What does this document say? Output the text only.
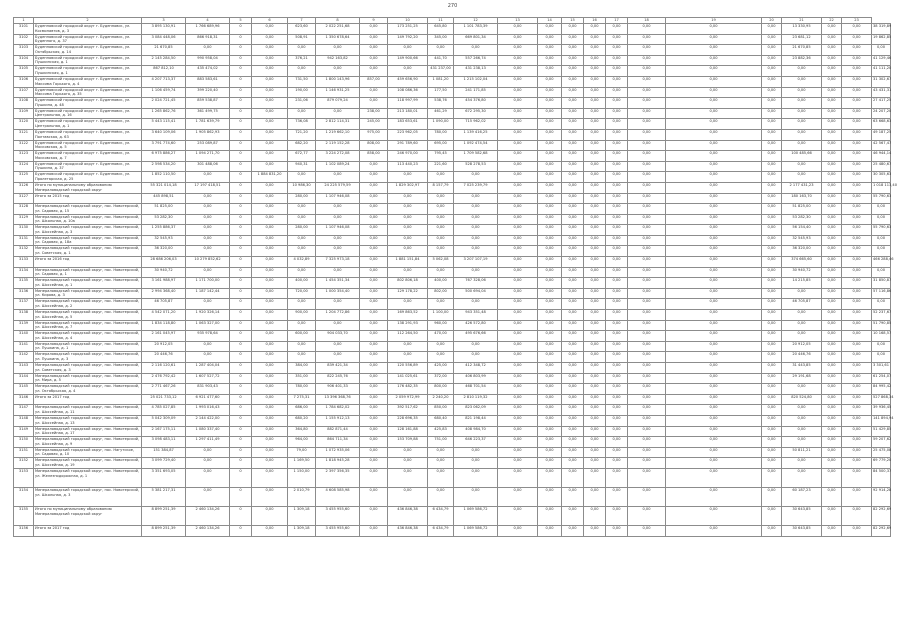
270
1	2	3	4	5	6	7	8	9	10	11	12	13	14	15	16	17	18	19	20	21	22	23	
3101	Буденновский городской округ г. Буденновск, ул. Космонавтов, д. 3	3 895 130,91	1 766 689,96	0	0,00	623,60	2 022 251,68	0,00	173 251,25	645,80	1 101 783,39	0,00	0,00	0,00	0,00	0,00	0,00	0,00	0,00	13 330,95	0,00	0,00	38 319,89
3102	Буденновский городской округ г. Буденновск, ул. Буденного, д. 37	3 084 448,06	866 918,31	0	0,00	508,91	1 350 678,64	0,00	149 792,20	345,00	669 801,34	0,00	0,00	0,00	0,00	0,00	0,00	0,00	0,00	23 681,12	0,00	0,00	19 862,85
3103	Буденновский городской округ г. Буденновск, ул. Октябрьская, д. 14	21 670,85	0,00	0	0,00	0,00	0,00	0,00	0,00	0,00	0,00	0,00	0,00	0,00	0,00	0,00	0,00	0,00	0,00	21 670,85	0,00	0,00	0,00
3104	Буденновский городской округ г. Буденновск, ул. Пушкинская, д. 1	2 145 284,50	990 958,04	0	0,00	376,21	942 163,82	0,00	149 900,66	441,70	557 266,74	0,00	0,00	0,00	0,00	0,00	0,00	0,00	0,00	23 882,36	0,00	0,00	41 129,46
3105	Буденновский городской округ г. Буденновск, ул. Пушкинская, д. 1	867 812,10	435 474,02	0	0,00	0,00	0,00	0,00	0,00	431 237,00	431 238,13	0,00	0,00	0,00	0,00	0,00	0,00	0,00	0,00	0,00	0,00	0,00	41 111,20
3106	Буденновский городской округ г. Буденновск, ул. Максима Горького, д. 4	4 207 713,37	883 583,61	0	0,00	731,50	1 800 143,96	857,00	459 656,90	1 081,20	1 215 102,04	0,00	0,00	0,00	0,00	0,00	0,00	0,00	0,00	0,00	0,00	0,00	31 302,67
3107	Буденновский городской округ г. Буденновск, ул. Максима Горького, д. 35	1 106 459,74	399 220,40	0	0,00	190,00	1 146 931,25	0,00	108 086,36	177,50	241 171,85	0,00	0,00	0,00	0,00	0,00	0,00	0,00	0,00	0,00	0,00	0,00	43 431,31
3108	Буденновский городской округ г. Буденновск, ул. Пушкина, д. 48	2 024 721,45	859 538,87	0	0,00	231,06	879 079,24	0,00	118 997,99	538,76	454 376,80	0,00	0,00	0,00	0,00	0,00	0,00	0,00	0,00	0,00	0,00	0,00	27 417,25
3109	Буденновский городской округ г. Буденновск, ул. Центральная, д. 16	1 265 862,76	361 499,75	0	0,00	0,00	0,00	238,00	213 180,01	461,29	672 295,30	0,00	0,00	0,00	0,00	0,00	0,00	0,00	0,00	0,00	0,00	0,00	24 207,20
3120	Буденновский городской округ г. Буденновск, ул. Центральная, д. 1	5 443 115,41	1 781 639,79	0	0,00	736,08	2 812 114,31	245,00	183 653,61	1 090,00	715 962,02	0,00	0,00	0,00	0,00	0,00	0,00	0,00	0,00	0,00	0,00	0,00	63 668,63
3121	Буденновский городской округ г. Буденновск, ул. Полтавская, д. 63	3 640 109,06	1 905 862,93	0	0,00	721,20	1 219 662,10	975,00	223 962,05	780,00	1 139 416,25	0,00	0,00	0,00	0,00	0,00	0,00	0,00	0,00	0,00	0,00	0,00	49 187,25
3122	Буденновский городской округ г. Буденновск, ул. Московская, д. 5	3 791 774,60	253 089,87	0	0,00	682,20	2 119 152,28	808,00	291 789,60	695,00	1 092 474,54	0,00	0,00	0,00	0,00	0,00	0,00	0,00	0,00	0,00	0,00	0,00	42 567,47
3123	Буденновский городской округ г. Буденновск, ул. Московская, д. 7	6 975 886,27	1 094 271,70	0	0,00	672,77	3 224 272,08	858,00	246 970,00	795,45	1 709 582,68	0,00	0,00	0,00	0,00	0,00	0,00	0,00	0,00	100 485,66	0,00	0,00	46 944,14
3124	Буденновский городской округ г. Буденновск, ул. Пушкина, д. 37	2 598 534,20	301 488,06	0	0,00	940,31	1 102 089,24	0,00	113 440,23	221,60	528 278,53	0,00	0,00	0,00	0,00	0,00	0,00	0,00	0,00	0,00	0,00	0,00	25 480,67
3125	Буденновский городской округ г. Буденновск, ул. Пролетарская, д. 25	1 852 110,50	0,00	0	1 884 831,20	0,00	0,00	0,00	0,00	0,00	0,00	0,00	0,00	0,00	0,00	0,00	0,00	0,00	0,00	0,00	0,00	0,00	30 305,63
3126	Итого по муниципальному образованию Минераловодский городской округ	55 321 014,18	17 197 418,51	0	0,00	10 986,30	24 225 579,59	0,00	1 829 302,97	8 157,79	7 025 239,79	0,00	0,00	0,00	0,00	0,00	0,00	0,00	0,00	2 177 431,23	0,00	0,00	1 018 113,40
3127	Итого за 2015 год	445 898,51	0,00	0	0,00	280,00	1 107 946,08	0,00	0,00	0,00	0,00	0,00	0,00	0,00	0,00	0,00	0,00	0,00	0,00	180 163,70	0,00	0,00	55 790,63
3128	Минераловодский городской округ, пос. Новотерский, ул. Садовая, д. 15	51 825,00	0,00	0	0,00	0,00	0,00	0,00	0,00	0,00	0,00	0,00	0,00	0,00	0,00	0,00	0,00	0,00	0,00	51 825,00	0,00	0,00	0,00
3129	Минераловодский городской округ, пос. Новотерский, ул. Школьная, д. 10а	53 282,30	0,00	0	0,00	0,00	0,00	0,00	0,00	0,00	0,00	0,00	0,00	0,00	0,00	0,00	0,00	0,00	0,00	53 282,30	0,00	0,00	0,00
3130	Минераловодский городской округ, пос. Новотерский, ул. Шоссейная, д. 3	1 255 886,37	0,00	0	0,00	280,00	1 107 946,08	0,00	0,00	0,00	0,00	0,00	0,00	0,00	0,00	0,00	0,00	0,00	0,00	56 154,40	0,00	0,00	55 790,63
3131	Минераловодский городской округ, пос. Новотерский, ул. Садовая, д. 18а	32 545,93	0,00	0	0,00	0,00	0,00	0,00	0,00	0,00	0,00	0,00	0,00	0,00	0,00	0,00	0,00	0,00	0,00	32 545,93	0,00	0,00	0,00
3132	Минераловодский городской округ, пос. Новотерский, ул. Советская, д. 1	36 320,00	0,00	0	0,00	0,00	0,00	0,00	0,00	0,00	0,00	0,00	0,00	0,00	0,00	0,00	0,00	0,00	0,00	36 320,00	0,00	0,00	0,00
3133	Итого за 2016 год	28 686 206,03	10 279 852,62	0	0,00	4 032,89	7 325 973,18	0,00	1 881 151,84	5 062,08	3 207 107,19	0,00	0,00	0,00	0,00	0,00	0,00	0,00	0,00	374 665,60	0,00	0,00	466 288,46
3134	Минераловодский городской округ, пос. Новотерский, ул. Садовая, д. 1	30 940,72	0,00	0	0,00	0,00	0,00	0,00	0,00	0,00	0,00	0,00	0,00	0,00	0,00	0,00	0,00	0,00	0,00	30 940,72	0,00	0,00	0,00
3135	Минераловодский городской округ, пос. Новотерский, ул. Шоссейная, д. 1	3 161 988,97	1 171 700,00	0	0,00	400,00	1 454 351,34	0,00	802 806,18	400,00	767 328,06	0,00	0,00	0,00	0,00	0,00	0,00	0,00	0,00	14 215,85	0,00	0,00	31 850,87
3136	Минераловодский городской округ, пос. Новотерский, ул. Кирова, д. 3	2 994 368,40	1 187 142,44	0	0,00	720,00	1 000 354,40	0,00	129 178,22	802,00	500 694,04	0,00	0,00	0,00	0,00	0,00	0,00	0,00	0,00	0,00	0,00	0,00	57 116,86
3137	Минераловодский городской округ, пос. Новотерский, ул. Шоссейная, д. 2	46 705,87	0,00	0	0,00	0,00	0,00	0,00	0,00	0,00	0,00	0,00	0,00	0,00	0,00	0,00	0,00	0,00	0,00	46 705,87	0,00	0,00	0,00
3138	Минераловодский городской округ, пос. Новотерский, ул. Шоссейная, д. 5	4 542 071,20	1 920 326,14	0	0,00	900,00	1 204 772,86	0,00	169 863,52	1 100,00	943 351,48	0,00	0,00	0,00	0,00	0,00	0,00	0,00	0,00	0,00	0,00	0,00	52 237,67
3139	Минераловодский городской округ, пос. Новотерский, ул. Шоссейная, д. 7	1 834 118,80	1 063 327,00	0	0,00	0,00	0,00	0,00	138 291,93	960,00	426 572,80	0,00	0,00	0,00	0,00	0,00	0,00	0,00	0,00	0,00	0,00	0,00	51 790,85
3140	Минераловодский городской округ, пос. Новотерский, ул. Шоссейная, д. 4	2 161 045,97	935 978,64	0	0,00	600,00	904 033,70	0,00	112 264,50	470,00	495 676,66	0,00	0,00	0,00	0,00	0,00	0,00	0,00	0,00	0,00	0,00	0,00	10 168,57
3141	Минераловодский городской округ, пос. Новотерский, ул. Пушкина, д. 1	20 912,05	0,00	0	0,00	0,00	0,00	0,00	0,00	0,00	0,00	0,00	0,00	0,00	0,00	0,00	0,00	0,00	0,00	20 912,05	0,00	0,00	0,00
3142	Минераловодский городской округ, пос. Новотерский, ул. Пушкина, д. 3	20 446,76	0,00	0	0,00	0,00	0,00	0,00	0,00	0,00	0,00	0,00	0,00	0,00	0,00	0,00	0,00	0,00	0,00	20 446,76	0,00	0,00	0,00
3143	Минераловодский городской округ, пос. Новотерский, ул. Советская, д. 3	2 116 120,61	1 287 404,04	0	0,00	384,00	839 421,34	0,00	120 556,89	425,00	412 348,72	0,00	0,00	0,00	0,00	0,00	0,00	0,00	0,00	31 443,85	0,00	0,00	3 301,61
3144	Минераловодский городской округ, пос. Новотерский, ул. Мира, д. 5	2 476 792,42	1 607 527,72	0	0,00	351,00	822 245,76	0,00	141 025,61	372,00	406 803,99	0,00	0,00	0,00	0,00	0,00	0,00	0,00	0,00	29 191,68	0,00	0,00	61 254,07
3145	Минераловодский городской округ, пос. Новотерский, ул. Октябрьская, д. 4	2 771 467,26	831 903,43	0	0,00	780,00	906 401,33	0,00	176 482,35	800,00	468 701,54	0,00	0,00	0,00	0,00	0,00	0,00	0,00	0,00	0,00	0,00	0,00	84 995,42
3146	Итого за 2017 год	25 021 733,12	6 921 477,60	0	0,00	7 275,31	13 396 368,76	0,00	2 059 972,99	2 240,20	2 810 119,32	0,00	0,00	0,00	0,00	0,00	0,00	0,00	0,00	820 524,80	0,00	0,00	527 868,34
3147	Минераловодский городской округ, пос. Новотерский, ул. Шоссейная, д. 11	4 785 027,85	1 993 016,43	0	0,00	686,00	1 784 682,02	0,00	392 517,62	850,00	823 062,09	0,00	0,00	0,00	0,00	0,00	0,00	0,00	0,00	0,00	0,00	0,00	39 936,45
3148	Минераловодский городской округ, пос. Новотерский, ул. Шоссейная, д. 13	5 042 309,09	2 144 422,00	0	0,00	680,20	1 155 912,13	0,00	228 696,35	680,40	821 198,44	0,00	0,00	0,00	0,00	0,00	0,00	0,00	0,00	0,00	0,00	0,00	141 894,94
3149	Минераловодский городской округ, пос. Новотерский, ул. Шоссейная, д. 17	2 167 175,11	1 080 337,40	0	0,00	364,80	882 871,44	0,00	128 161,88	425,83	408 984,70	0,00	0,00	0,00	0,00	0,00	0,00	0,00	0,00	0,00	0,00	0,00	51 429,85
3150	Минераловодский городской округ, пос. Новотерский, ул. Шоссейная, д. 9	3 098 483,11	1 297 411,49	0	0,00	964,00	864 711,34	0,00	153 709,88	751,00	646 223,37	0,00	0,00	0,00	0,00	0,00	0,00	0,00	0,00	0,00	0,00	0,00	59 207,62
3151	Минераловодский городской округ, пос. Нагутское, ул. Садовая, д. 10	151 384,87	0,00	0	0,00	79,00	1 072 935,06	0,00	0,00	0,00	0,00	0,00	0,00	0,00	0,00	0,00	0,00	0,00	0,00	50 811,21	0,00	0,00	25 475,08
3152	Минераловодский городской округ, пос. Новотерский, ул. Шоссейная, д. 19	3 099 729,40	0,00	0	0,00	1 169,50	1 818 945,28	0,00	0,00	0,00	0,00	0,00	0,00	0,00	0,00	0,00	0,00	0,00	0,00	0,00	0,00	0,00	69 779,20
3153	Минераловодский городской округ, пос. Новотерский, ул. Железнодорожная, д. 1	3 351 693,05	0,00	0	0,00	1 150,00	2 397 356,35	0,00	0,00	0,00	0,00	0,00	0,00	0,00	0,00	0,00	0,00	0,00	0,00	0,00	0,00	0,00	84 500,37
3154	Минераловодский городской округ, пос. Новотерский, ул. Школьная, д. 3	5 381 217,31	0,00	0	0,00	2 010,79	4 608 585,98	0,00	0,00	0,00	0,00	0,00	0,00	0,00	0,00	0,00	0,00	0,00	0,00	60 187,23	0,00	0,00	92 914,28
3155	Итого по муниципальному образованию Минераловодский городской округ	8 899 251,39	2 460 134,26	0	0,00	1 309,18	3 455 955,60	0,00	436 846,38	6 434,79	1 069 586,72	0,00	0,00	0,00	0,00	0,00	0,00	0,00	0,00	30 643,85	0,00	0,00	82 292,69
3156	Итого за 2017 год	8 899 251,39	2 460 134,26	0	0,00	1 309,18	3 455 955,60	0,00	436 846,38	6 434,79	1 069 586,72	0,00	0,00	0,00	0,00	0,00	0,00	0,00	0,00	30 643,85	0,00	0,00	82 292,69
